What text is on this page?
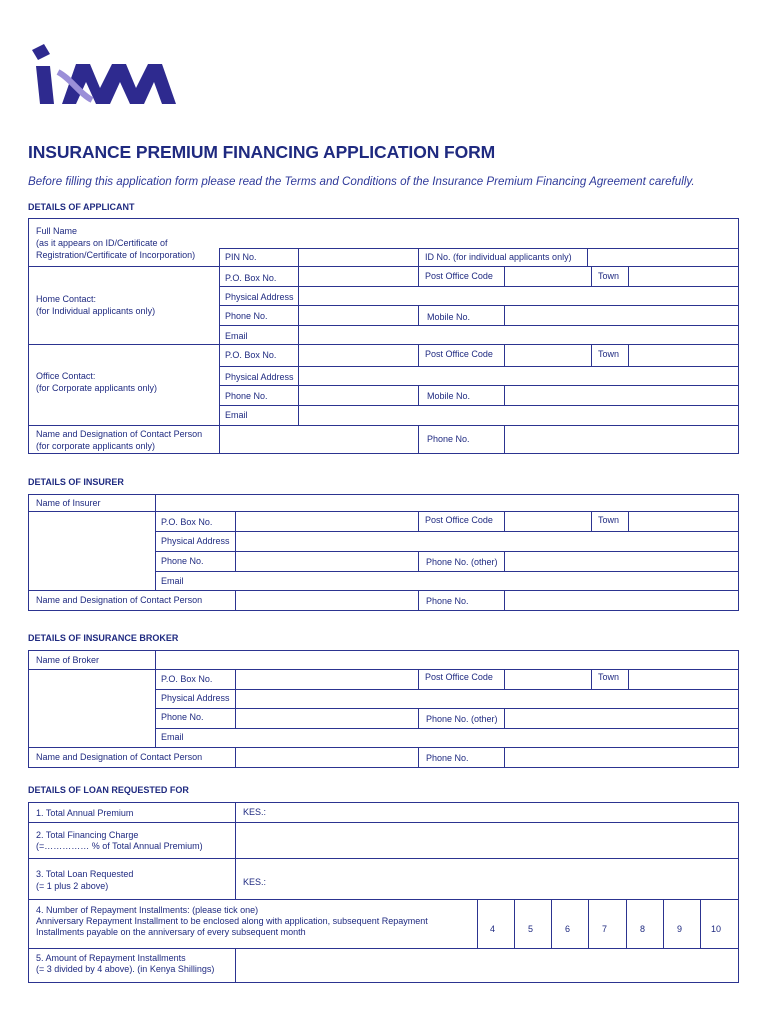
&
INSURANCE PREMIUM FINANCING APPLICATION FORM
Before filling this application form please read the Terms and Conditions of the Insurance Premium Financing Agreement carefully.
DETAILS OF APPLICANT
Full Name
(as it appears on ID/Certificate of
Registration/Certificate of Incorporation)	PIN No.	ID No. (for individual applicants only)
Home Contact:
(for Individual applicants only)
P.O. Box No.	Post Office Code	Town
Physical Address
Phone No.	Mobile No.
Email
Office Contact:
(for Corporate applicants only)
P.O. Box No.	Post Office Code	Town
Physical Address
Phone No.	Mobile No.
Email
Name and Designation of Contact Person
(for corporate applicants only)
Phone No.
DETAILS OF INSURER
Name of Insurer
P.O. Box No.	Post Office Code	Town
Physical Address
Phone No.	Phone No. (other)
Email
Name and Designation of Contact Person	Phone No.
DETAILS OF INSURANCE BROKER
Name of Broker
P.O. Box No.	Post Office Code	Town
Physical Address
Phone No.	Phone No. (other)
Email
Name and Designation of Contact Person	Phone No.
DETAILS OF LOAN REQUESTED FOR
1. Total Annual Premium	KES.:
2. Total Financing Charge
(=…………… % of Total Annual Premium)
3. Total Loan Requested
(= 1 plus 2 above)	KES.:
4. Number of Repayment Installments: (please tick one)
Anniversary Repayment Installment to be enclosed along with application, subsequent Repayment
Installments payable on the anniversary of every subsequent month	4	5	6	7	8	9	10
5. Amount of Repayment Installments
(= 3 divided by 4 above). (in Kenya Shillings)
